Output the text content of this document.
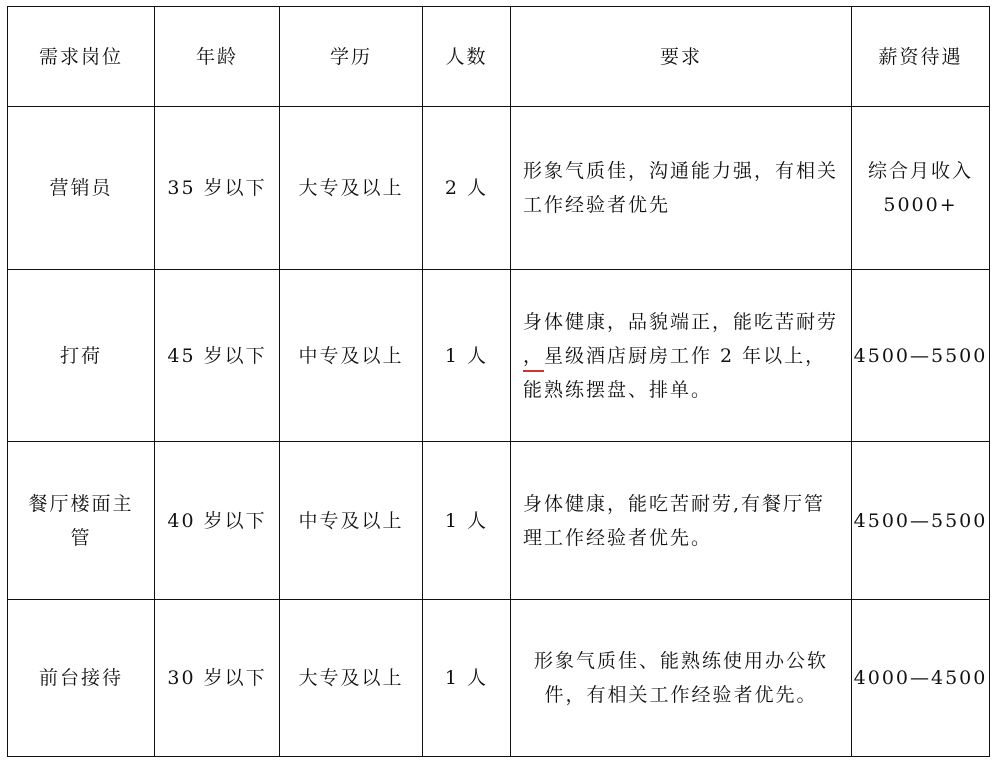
需求岗位	年龄	学历	人数	要求	薪资待遇
营销员	35 岁以下	大专及以上	2 人	形象气质佳，沟通能力强，有相关工作经验者优先	综合月收入5000+
打荷	45 岁以下	中专及以上	1 人	身体健康，品貌端正，能吃苦耐劳，星级酒店厨房工作 2 年以上，能熟练摆盘、排单。	4500—5500
餐厅楼面主管	40 岁以下	中专及以上	1 人	身体健康，能吃苦耐劳,有餐厅管理工作经验者优先。	4500—5500
前台接待	30 岁以下	大专及以上	1 人	形象气质佳、能熟练使用办公软件，有相关工作经验者优先。	4000—4500
